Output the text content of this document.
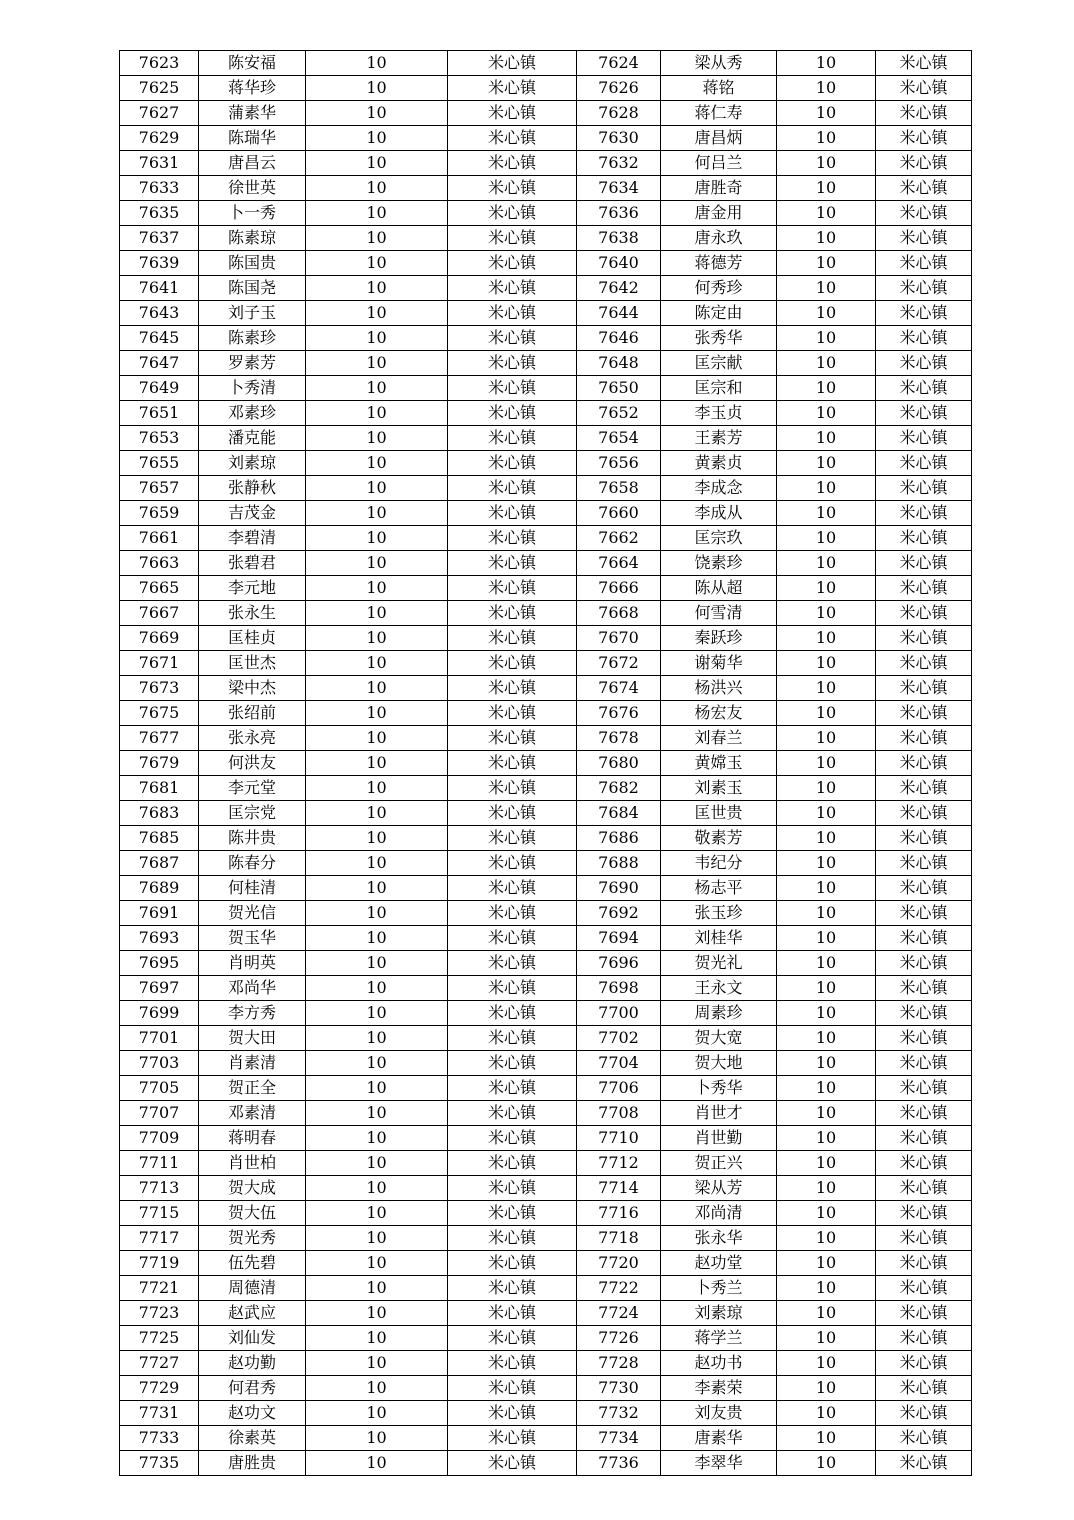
7623	陈安福	10	米心镇	7624	梁从秀	10	米心镇
7625	蒋华珍	10	米心镇	7626	蒋铭	10	米心镇
7627	蒲素华	10	米心镇	7628	蒋仁寿	10	米心镇
7629	陈瑞华	10	米心镇	7630	唐昌炳	10	米心镇
7631	唐昌云	10	米心镇	7632	何吕兰	10	米心镇
7633	徐世英	10	米心镇	7634	唐胜奇	10	米心镇
7635	卜一秀	10	米心镇	7636	唐金用	10	米心镇
7637	陈素琼	10	米心镇	7638	唐永玖	10	米心镇
7639	陈国贵	10	米心镇	7640	蒋德芳	10	米心镇
7641	陈国尧	10	米心镇	7642	何秀珍	10	米心镇
7643	刘子玉	10	米心镇	7644	陈定由	10	米心镇
7645	陈素珍	10	米心镇	7646	张秀华	10	米心镇
7647	罗素芳	10	米心镇	7648	匡宗献	10	米心镇
7649	卜秀清	10	米心镇	7650	匡宗和	10	米心镇
7651	邓素珍	10	米心镇	7652	李玉贞	10	米心镇
7653	潘克能	10	米心镇	7654	王素芳	10	米心镇
7655	刘素琼	10	米心镇	7656	黄素贞	10	米心镇
7657	张静秋	10	米心镇	7658	李成念	10	米心镇
7659	吉茂金	10	米心镇	7660	李成从	10	米心镇
7661	李碧清	10	米心镇	7662	匡宗玖	10	米心镇
7663	张碧君	10	米心镇	7664	饶素珍	10	米心镇
7665	李元地	10	米心镇	7666	陈从超	10	米心镇
7667	张永生	10	米心镇	7668	何雪清	10	米心镇
7669	匡桂贞	10	米心镇	7670	秦跃珍	10	米心镇
7671	匡世杰	10	米心镇	7672	谢菊华	10	米心镇
7673	梁中杰	10	米心镇	7674	杨洪兴	10	米心镇
7675	张绍前	10	米心镇	7676	杨宏友	10	米心镇
7677	张永亮	10	米心镇	7678	刘春兰	10	米心镇
7679	何洪友	10	米心镇	7680	黄嫦玉	10	米心镇
7681	李元堂	10	米心镇	7682	刘素玉	10	米心镇
7683	匡宗党	10	米心镇	7684	匡世贵	10	米心镇
7685	陈井贵	10	米心镇	7686	敬素芳	10	米心镇
7687	陈春分	10	米心镇	7688	韦纪分	10	米心镇
7689	何桂清	10	米心镇	7690	杨志平	10	米心镇
7691	贺光信	10	米心镇	7692	张玉珍	10	米心镇
7693	贺玉华	10	米心镇	7694	刘桂华	10	米心镇
7695	肖明英	10	米心镇	7696	贺光礼	10	米心镇
7697	邓尚华	10	米心镇	7698	王永文	10	米心镇
7699	李方秀	10	米心镇	7700	周素珍	10	米心镇
7701	贺大田	10	米心镇	7702	贺大宽	10	米心镇
7703	肖素清	10	米心镇	7704	贺大地	10	米心镇
7705	贺正全	10	米心镇	7706	卜秀华	10	米心镇
7707	邓素清	10	米心镇	7708	肖世才	10	米心镇
7709	蒋明春	10	米心镇	7710	肖世勤	10	米心镇
7711	肖世柏	10	米心镇	7712	贺正兴	10	米心镇
7713	贺大成	10	米心镇	7714	梁从芳	10	米心镇
7715	贺大伍	10	米心镇	7716	邓尚清	10	米心镇
7717	贺光秀	10	米心镇	7718	张永华	10	米心镇
7719	伍先碧	10	米心镇	7720	赵功堂	10	米心镇
7721	周德清	10	米心镇	7722	卜秀兰	10	米心镇
7723	赵武应	10	米心镇	7724	刘素琼	10	米心镇
7725	刘仙发	10	米心镇	7726	蒋学兰	10	米心镇
7727	赵功勤	10	米心镇	7728	赵功书	10	米心镇
7729	何君秀	10	米心镇	7730	李素荣	10	米心镇
7731	赵功文	10	米心镇	7732	刘友贵	10	米心镇
7733	徐素英	10	米心镇	7734	唐素华	10	米心镇
7735	唐胜贵	10	米心镇	7736	李翠华	10	米心镇
